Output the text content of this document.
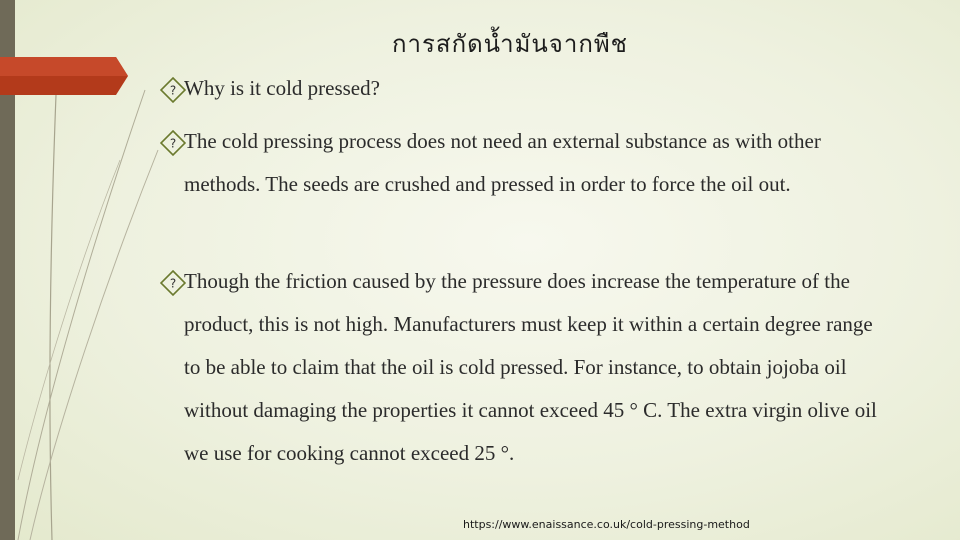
การสกัดน้ำมันจากพืช
? Why is it cold pressed?
? The cold pressing process does not need an external substance as with other methods. The seeds are crushed and pressed in order to force the oil out.
? Though the friction caused by the pressure does increase the temperature of the product, this is not high. Manufacturers must keep it within a certain degree range to be able to claim that the oil is cold pressed. For instance, to obtain jojoba oil without damaging the properties it cannot exceed 45 ° C. The extra virgin olive oil we use for cooking cannot exceed 25 °.
https://www.enaissance.co.uk/cold-pressing-method
